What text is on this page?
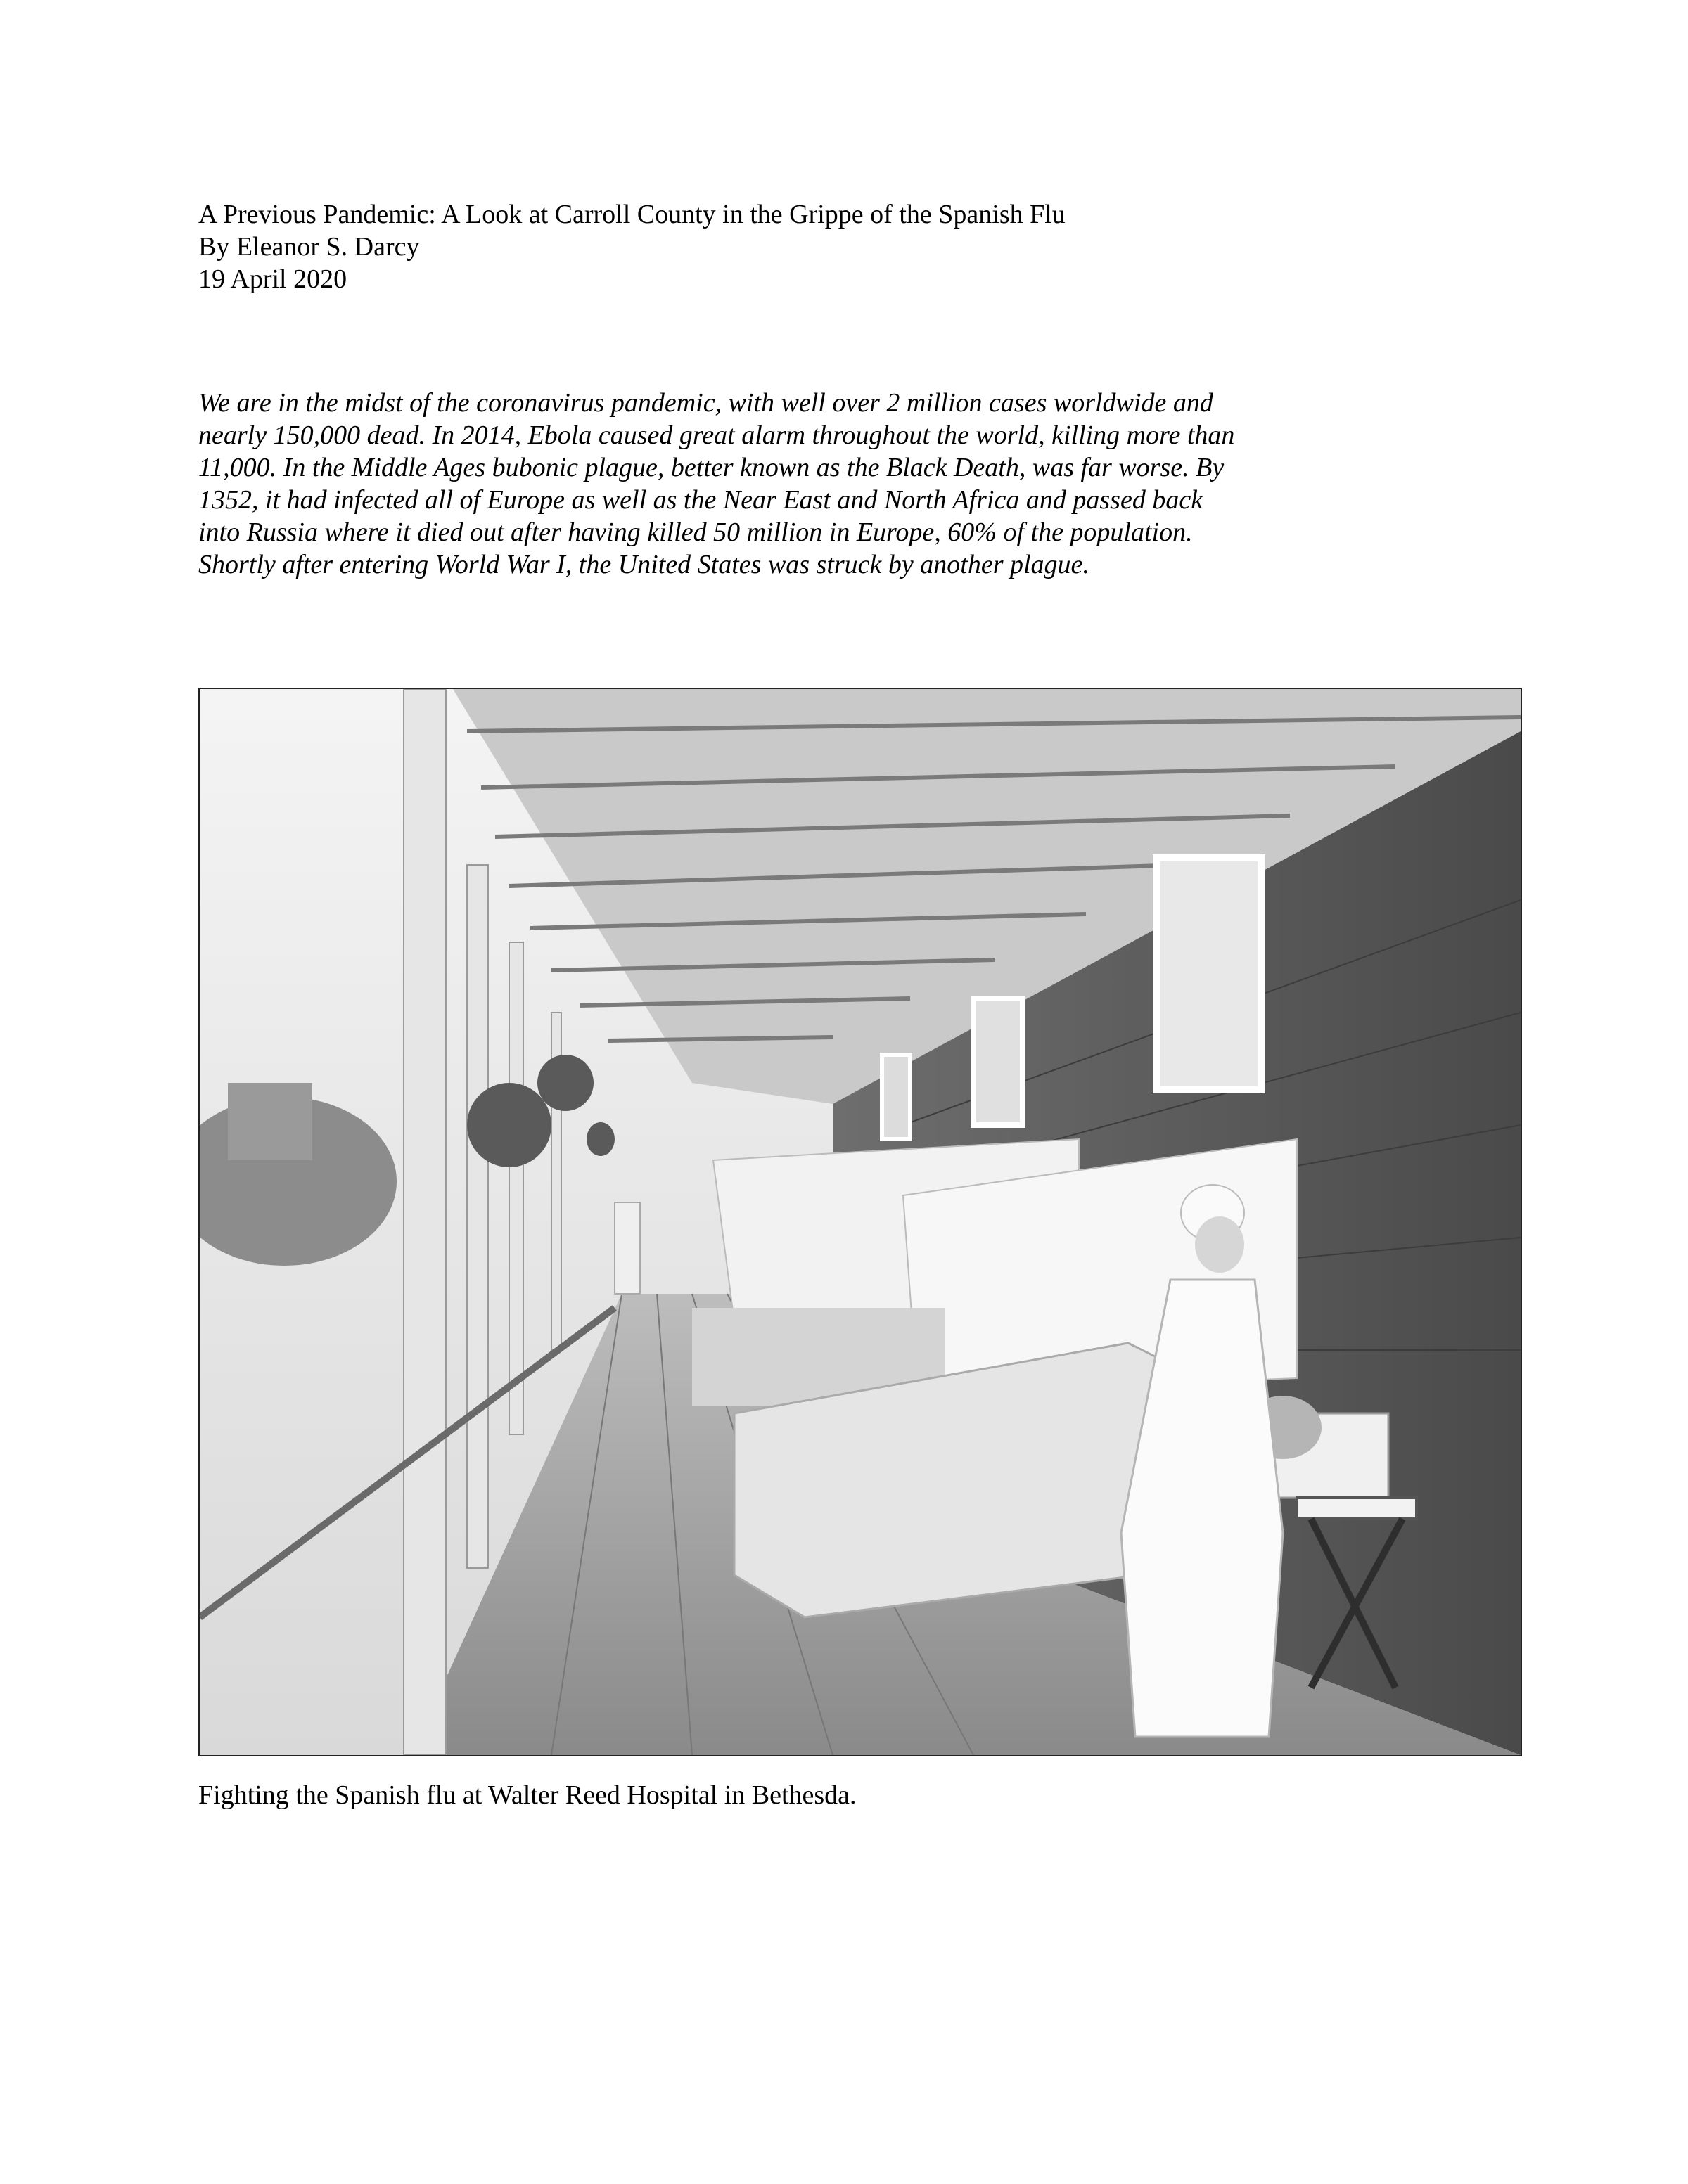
A Previous Pandemic: A Look at Carroll County in the Grippe of the Spanish Flu
By Eleanor S. Darcy
19 April 2020
We are in the midst of the coronavirus pandemic, with well over 2 million cases worldwide and
nearly 150,000 dead. In 2014, Ebola caused great alarm throughout the world, killing more than
11,000. In the Middle Ages bubonic plague, better known as the Black Death, was far worse. By
1352, it had infected all of Europe as well as the Near East and North Africa and passed back
into Russia where it died out after having killed 50 million in Europe, 60% of the population.
Shortly after entering World War I, the United States was struck by another plague.
Fighting the Spanish flu at Walter Reed Hospital in Bethesda.
